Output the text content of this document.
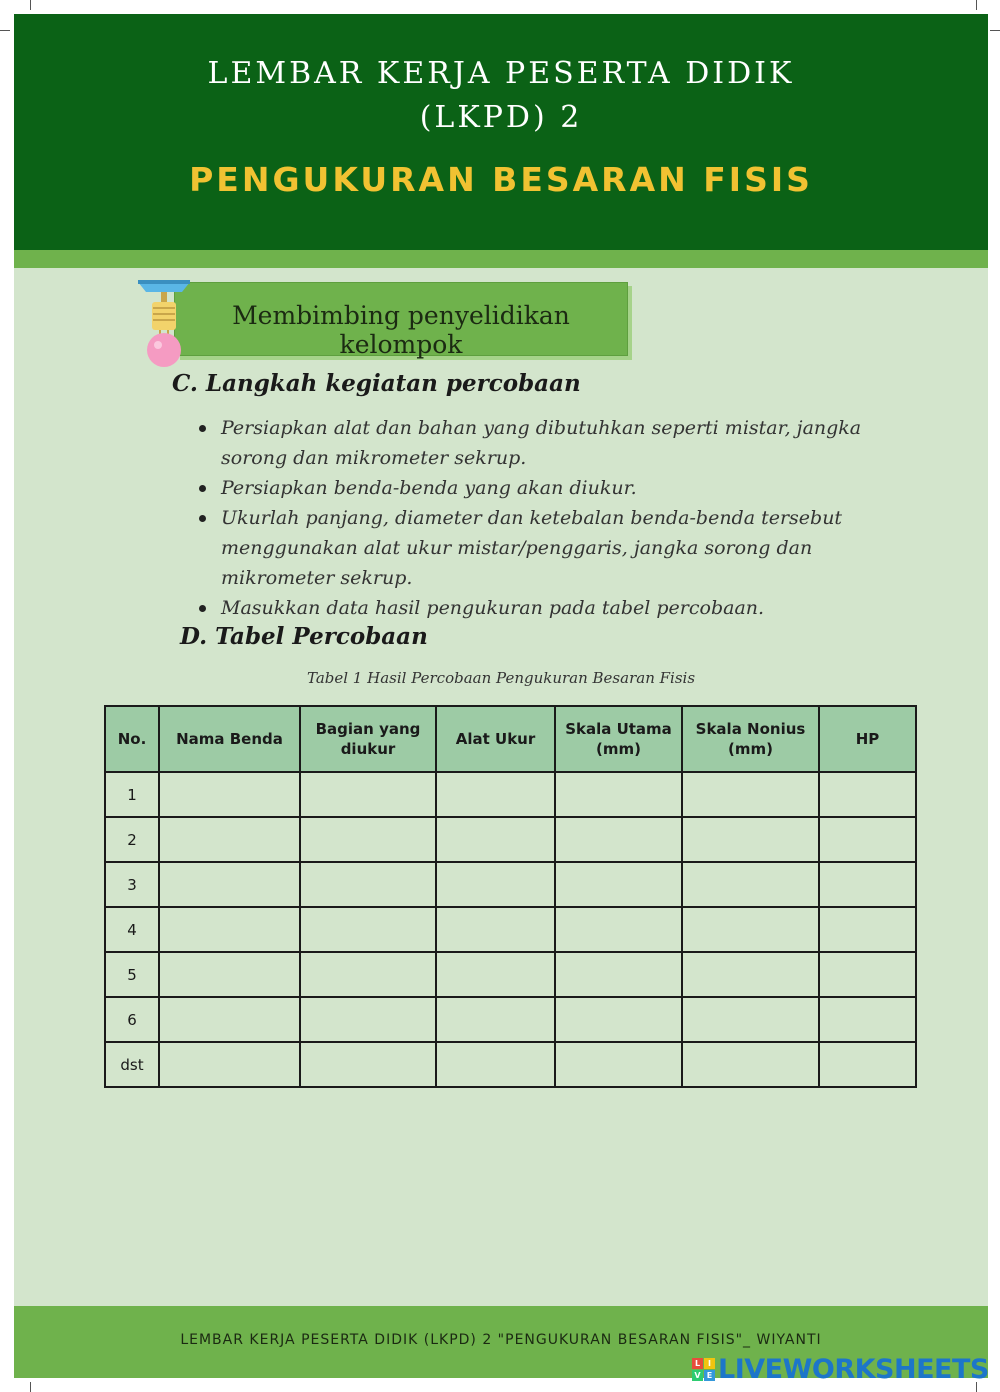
LEMBAR KERJA PESERTA DIDIK
(LKPD) 2
PENGUKURAN BESARAN FISIS
Membimbing penyelidikan kelompok
C. Langkah kegiatan percobaan
Persiapkan alat dan bahan yang dibutuhkan seperti mistar, jangka sorong dan mikrometer sekrup.
Persiapkan benda-benda yang akan diukur.
Ukurlah panjang, diameter dan ketebalan benda-benda tersebut menggunakan alat ukur mistar/penggaris, jangka sorong dan mikrometer sekrup.
Masukkan data hasil pengukuran pada tabel percobaan.
D. Tabel Percobaan
Tabel 1 Hasil Percobaan Pengukuran Besaran Fisis
No.	Nama Benda	Bagian yang diukur	Alat Ukur	Skala Utama (mm)	Skala Nonius (mm)	HP
1						
2						
3						
4						
5						
6						
dst						
LEMBAR KERJA PESERTA DIDIK (LKPD) 2 "PENGUKURAN BESARAN FISIS"_ WIYANTI
L I
V E LIVEWORKSHEETS
